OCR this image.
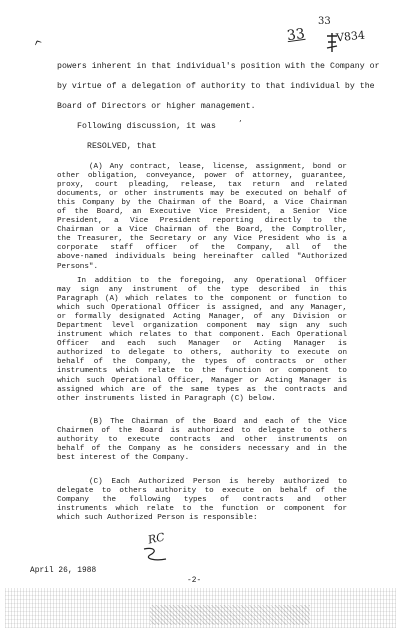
^
33
33
V834
powers inherent in that individual's position with the Company or
by virtue of a delegation of authority to that individual by the
Board of Directors or higher management.
Following discussion, it was	’
RESOLVED, that
(A) Any contract, lease, license, assignment, bond or
other obligation, conveyance, power of attorney, guarantee,
proxy, court pleading, release, tax return and related
documents, or other instruments may be executed on behalf of
this Company by the Chairman of the Board, a Vice Chairman
of the Board, an Executive Vice President, a Senior Vice
President, a Vice President reporting directly to the
Chairman or a Vice Chairman of the Board, the Comptroller,
the Treasurer, the Secretary or any Vice President who is a
corporate staff officer of the Company, all of the
above-named individuals being hereinafter called "Authorized
Persons".
In addition to the foregoing, any Operational Officer
may sign any instrument of the type described in this
Paragraph (A) which relates to the component or function to
which such Operational Officer is assigned, and any Manager,
or formally designated Acting Manager, of any Division or
Department level organization component may sign any such
instrument which relates to that component. Each Operational
Officer and each such Manager or Acting Manager is
authorized to delegate to others, authority to execute on
behalf of the Company, the types of contracts or other
instruments which relate to the function or component to
which such Operational Officer, Manager or Acting Manager is
assigned which are of the same types as the contracts and
other instruments listed in Paragraph (C) below.
(B) The Chairman of the Board and each of the Vice
Chairmen of the Board is authorized to delegate to others
authority to execute contracts and other instruments on
behalf of the Company as he considers necessary and in the
best interest of the Company.
(C) Each Authorized Person is hereby authorized to
delegate to others authority to execute on behalf of the
Company the following types of contracts and other
instruments which relate to the function or component for
which such Authorized Person is responsible:
RC
April 26, 1988
-2-
